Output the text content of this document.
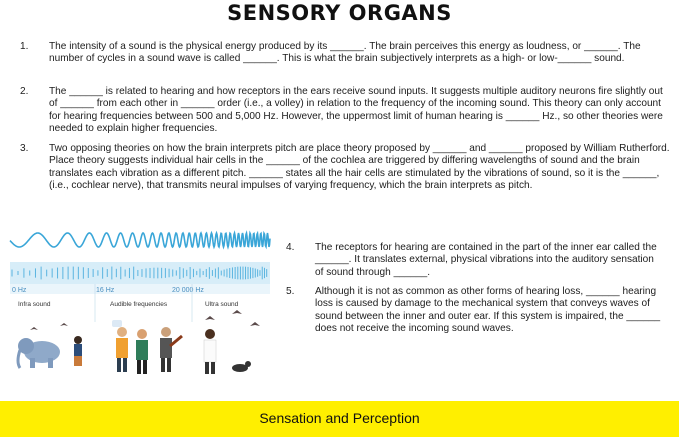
SENSORY ORGANS
1. The intensity of a sound is the physical energy produced by its ______. The brain perceives this energy as loudness, or ______. The number of cycles in a sound wave is called ______. This is what the brain subjectively interprets as a high- or low-______ sound.
2. The ______ is related to hearing and how receptors in the ears receive sound inputs. It suggests multiple auditory neurons fire slightly out of ______ from each other in ______ order (i.e., a volley) in relation to the frequency of the incoming sound. This theory can only account for hearing frequencies between 500 and 5,000 Hz. However, the uppermost limit of human hearing is ______ Hz., so other theories were needed to explain higher frequencies.
3. Two opposing theories on how the brain interprets pitch are place theory proposed by ______ and ______ proposed by William Rutherford. Place theory suggests individual hair cells in the ______ of the cochlea are triggered by differing wavelengths of sound and the brain translates each vibration as a different pitch. ______ states all the hair cells are stimulated by the vibrations of sound, so it is the ______, (i.e., cochlear nerve), that transmits neural impulses of varying frequency, which the brain interprets as pitch.
0 Hz	16 Hz	20 000 Hz
Infra sound	Audible frequencies	Ultra sound
4. The receptors for hearing are contained in the part of the inner ear called the ______. It translates external, physical vibrations into the auditory sensation of sound through ______.
5. Although it is not as common as other forms of hearing loss, ______ hearing loss is caused by damage to the mechanical system that conveys waves of sound between the inner and outer ear. If this system is impaired, the ______ does not receive the incoming sound waves.
Sensation and Perception
